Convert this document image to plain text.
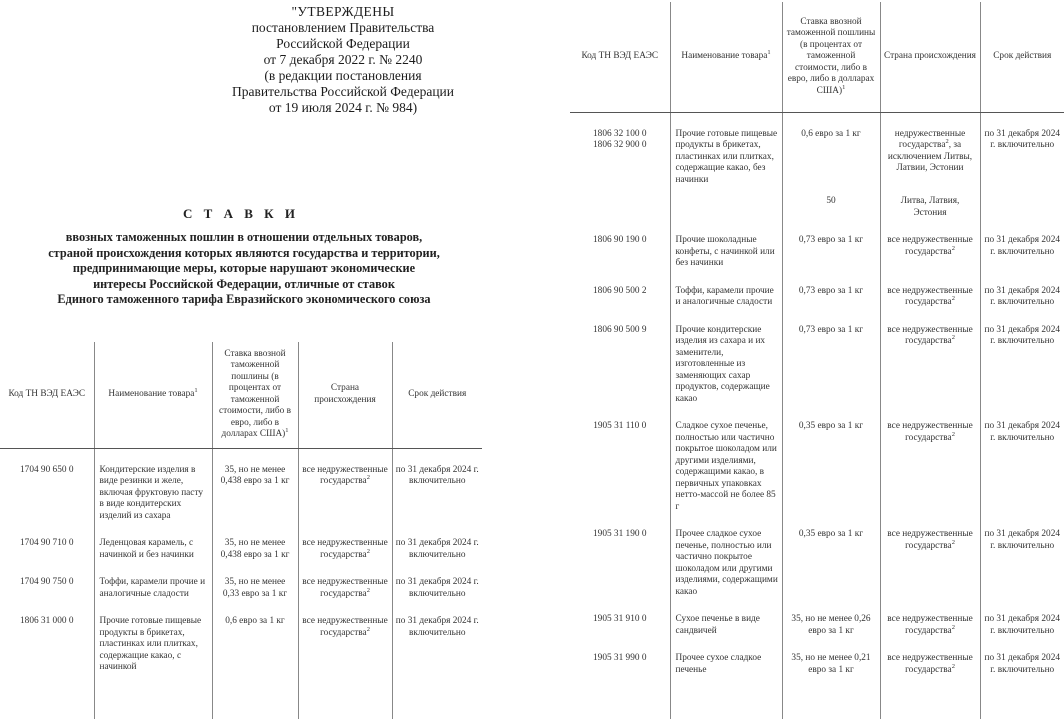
"УТВЕРЖДЕНЫ
постановлением Правительства
Российской Федерации
от 7 декабря 2022 г. № 2240
(в редакции постановления
Правительства Российской Федерации
от 19 июля 2024 г. № 984)
С Т А В К И
ввозных таможенных пошлин в отношении отдельных товаров,
страной происхождения которых являются государства и территории,
предпринимающие меры, которые нарушают экономические
интересы Российской Федерации, отличные от ставок
Единого таможенного тарифа Евразийского экономического союза
Код ТН ВЭД ЕАЭС	Наименование товара$^1$	Ставка ввозной таможенной пошлины (в процентах от таможенной стоимости, либо в евро, либо в долларах США)$^1$	Страна происхождения	Срок действия

1704 90 650 0	Кондитерские изделия в виде резинки и желе, включая фруктовую пасту в виде кондитерских изделий из сахара	35, но не менее 0,438 евро за 1 кг	все недружественные государства$^2$	по 31 декабря 2024 г. включительно

1704 90 710 0	Леденцовая карамель, с начинкой и без начинки	35, но не менее 0,438 евро за 1 кг	все недружественные государства$^2$	по 31 декабря 2024 г. включительно

1704 90 750 0	Тоффи, карамели прочие и аналогичные сладости	35, но не менее 0,33 евро за 1 кг	все недружественные государства$^2$	по 31 декабря 2024 г. включительно

1806 31 000 0	Прочие готовые пищевые продукты в брикетах, пластинках или плитках, содержащие какао, с начинкой	0,6 евро за 1 кг	все недружественные государства$^2$	по 31 декабря 2024 г. включительно

Код ТН ВЭД ЕАЭС	Наименование товара$^1$	Ставка ввозной таможенной пошлины (в процентах от таможенной стоимости, либо в евро, либо в долларах США)$^1$	Страна происхождения	Срок действия

1806 32 100 0
1806 32 900 0	Прочие готовые пищевые продукты в брикетах, пластинках или плитках, содержащие какао, без начинки	0,6 евро за 1 кг	недружественные государства$^2$, за исключением Литвы, Латвии, Эстонии	по 31 декабря 2024 г. включительно
		50	Литва, Латвия, Эстония	

1806 90 190 0	Прочие шоколадные конфеты, с начинкой или без начинки	0,73 евро за 1 кг	все недружественные государства$^2$	по 31 декабря 2024 г. включительно

1806 90 500 2	Тоффи, карамели прочие и аналогичные сладости	0,73 евро за 1 кг	все недружественные государства$^2$	по 31 декабря 2024 г. включительно

1806 90 500 9	Прочие кондитерские изделия из сахара и их заменители, изготовленные из заменяющих сахар продуктов, содержащие какао	0,73 евро за 1 кг	все недружественные государства$^2$	по 31 декабря 2024 г. включительно

1905 31 110 0	Сладкое сухое печенье, полностью или частично покрытое шоколадом или другими изделиями, содержащими какао, в первичных упаковках нетто-массой не более 85 г	0,35 евро за 1 кг	все недружественные государства$^2$	по 31 декабря 2024 г. включительно

1905 31 190 0	Прочее сладкое сухое печенье, полностью или частично покрытое шоколадом или другими изделиями, содержащими какао	0,35 евро за 1 кг	все недружественные государства$^2$	по 31 декабря 2024 г. включительно

1905 31 910 0	Сухое печенье в виде сандвичей	35, но не менее 0,26 евро за 1 кг	все недружественные государства$^2$	по 31 декабря 2024 г. включительно

1905 31 990 0	Прочее сухое сладкое печенье	35, но не менее 0,21 евро за 1 кг	все недружественные государства$^2$	по 31 декабря 2024 г. включительно
